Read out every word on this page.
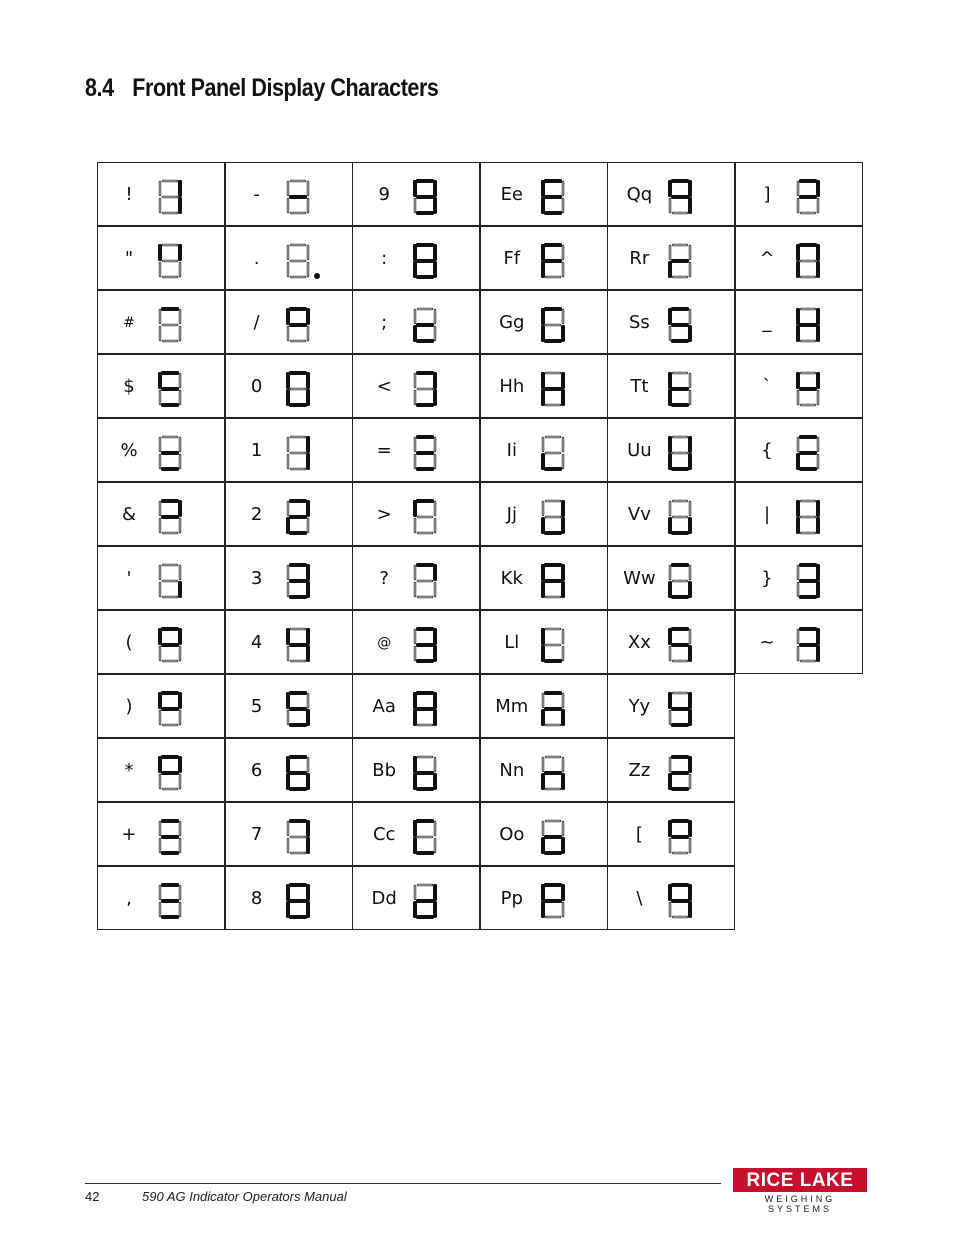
8.4 Front Panel Display Characters
!
"
#
$
%
&
'
(
)
*
+
,
-
.
/
0
1
2
3
4
5
6
7
8
9
:
;
<
=
>
?
@
Aa
Bb
Cc
Dd
Ee
Ff
Gg
Hh
Ii
Jj
Kk
Ll
Mm
Nn
Oo
Pp
Qq
Rr
Ss
Tt
Uu
Vv
Ww
Xx
Yy
Zz
[
\
]
^
_
`
{
|
}
~
42	590 AG Indicator Operators Manual
RICE LAKE
WEIGHING SYSTEMS
